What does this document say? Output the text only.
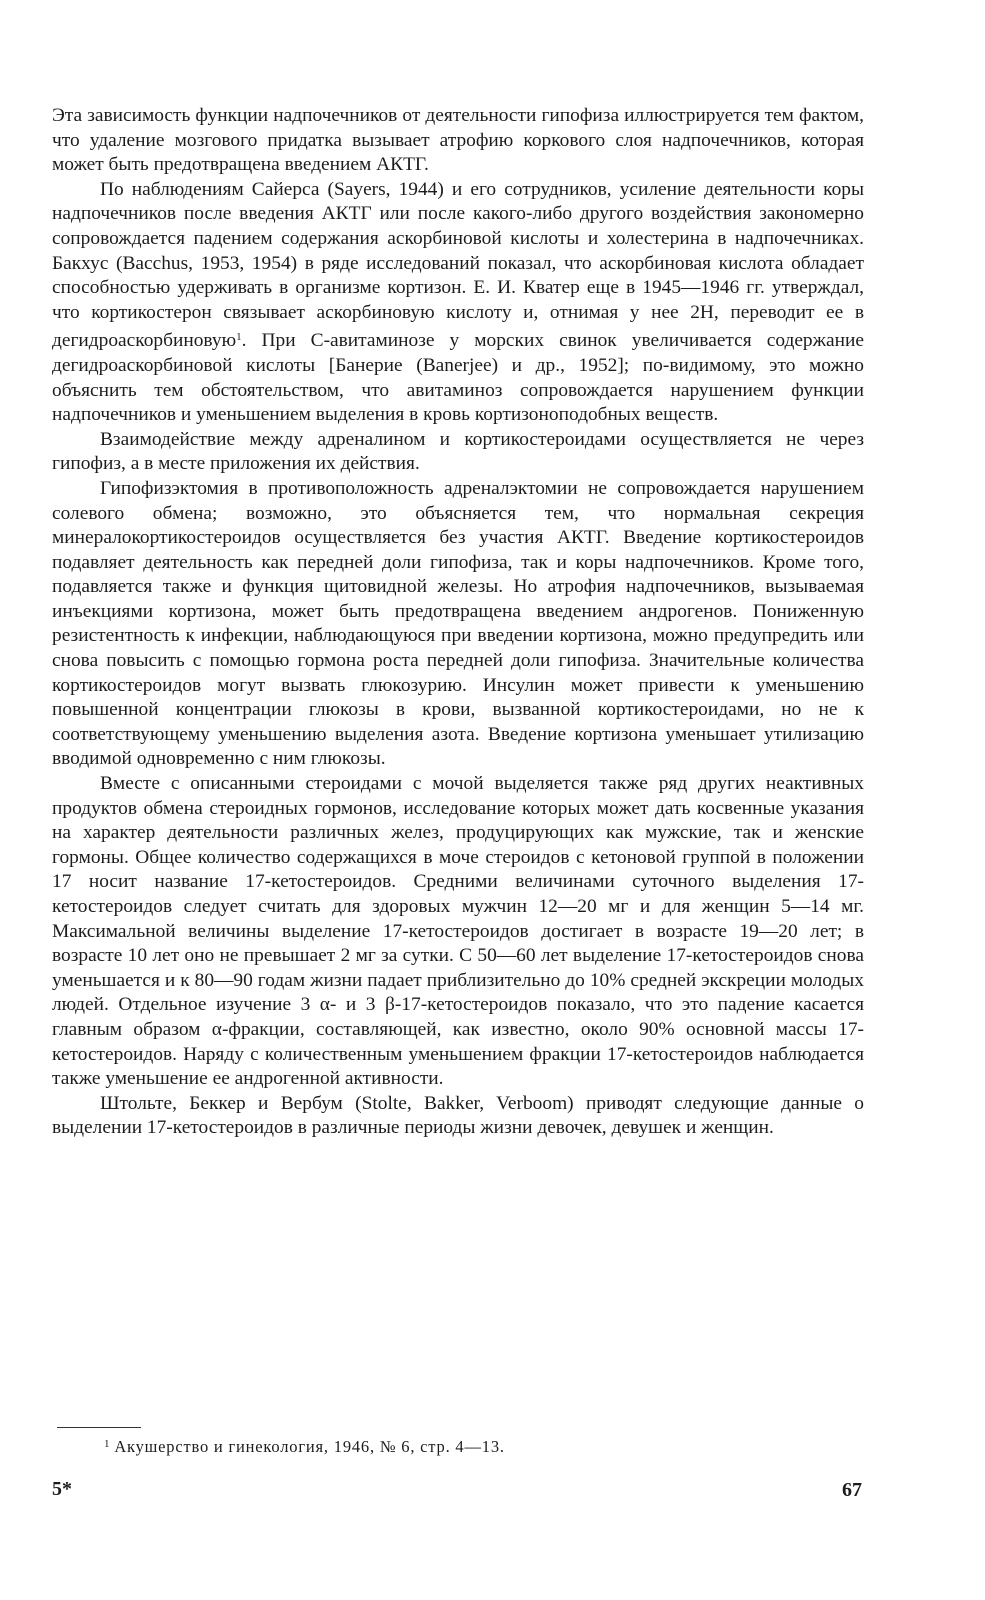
Эта зависимость функции надпочечников от деятельности гипофиза иллюстрируется тем фактом, что удаление мозгового придатка вызывает атрофию коркового слоя надпочечников, которая может быть предотвращена введением АКТГ.

По наблюдениям Сайерса (Sayers, 1944) и его сотрудников, усиление деятельности коры надпочечников после введения АКТГ или после какого-либо другого воздействия закономерно сопровождается падением содержания аскорбиновой кислоты и холестерина в надпочечниках. Бакхус (Bacchus, 1953, 1954) в ряде исследований показал, что аскорбиновая кислота обладает способностью удерживать в организме кортизон. Е. И. Кватер еще в 1945—1946 гг. утверждал, что кортикостерон связывает аскорбиновую кислоту и, отнимая у нее 2Н, переводит ее в дегидроаскорбиновую$^1$. При С-авитаминозе у морских свинок увеличивается содержание дегидроаскорбиновой кислоты [Банерие (Banerjee) и др., 1952]; по-видимому, это можно объяснить тем обстоятельством, что авитаминоз сопровождается нарушением функции надпочечников и уменьшением выделения в кровь кортизоноподобных веществ.

Взаимодействие между адреналином и кортикостероидами осуществляется не через гипофиз, а в месте приложения их действия.

Гипофизэктомия в противоположность адреналэктомии не сопровождается нарушением солевого обмена; возможно, это объясняется тем, что нормальная секреция минералокортикостероидов осуществляется без участия АКТГ. Введение кортикостероидов подавляет деятельность как передней доли гипофиза, так и коры надпочечников. Кроме того, подавляется также и функция щитовидной железы. Но атрофия надпочечников, вызываемая инъекциями кортизона, может быть предотвращена введением андрогенов. Пониженную резистентность к инфекции, наблюдающуюся при введении кортизона, можно предупредить или снова повысить с помощью гормона роста передней доли гипофиза. Значительные количества кортикостероидов могут вызвать глюкозурию. Инсулин может привести к уменьшению повышенной концентрации глюкозы в крови, вызванной кортикостероидами, но не к соответствующему уменьшению выделения азота. Введение кортизона уменьшает утилизацию вводимой одновременно с ним глюкозы.

Вместе с описанными стероидами с мочой выделяется также ряд других неактивных продуктов обмена стероидных гормонов, исследование которых может дать косвенные указания на характер деятельности различных желез, продуцирующих как мужские, так и женские гормоны. Общее количество содержащихся в моче стероидов с кетоновой группой в положении 17 носит название 17-кетостероидов. Средними величинами суточного выделения 17-кетостероидов следует считать для здоровых мужчин 12—20 мг и для женщин 5—14 мг. Максимальной величины выделение 17-кетостероидов достигает в возрасте 19—20 лет; в возрасте 10 лет оно не превышает 2 мг за сутки. С 50—60 лет выделение 17-кетостероидов снова уменьшается и к 80—90 годам жизни падает приблизительно до 10% средней экскреции молодых людей. Отдельное изучение 3 α- и 3 β-17-кетостероидов показало, что это падение касается главным образом α-фракции, составляющей, как известно, около 90% основной массы 17-кетостероидов. Наряду с количественным уменьшением фракции 17-кетостероидов наблюдается также уменьшение ее андрогенной активности.

Штольте, Беккер и Вербум (Stolte, Bakker, Verboom) приводят следующие данные о выделении 17-кетостероидов в различные периоды жизни девочек, девушек и женщин.

$^1$ Акушерство и гинекология, 1946, № 6, стр. 4—13.
5*	67
